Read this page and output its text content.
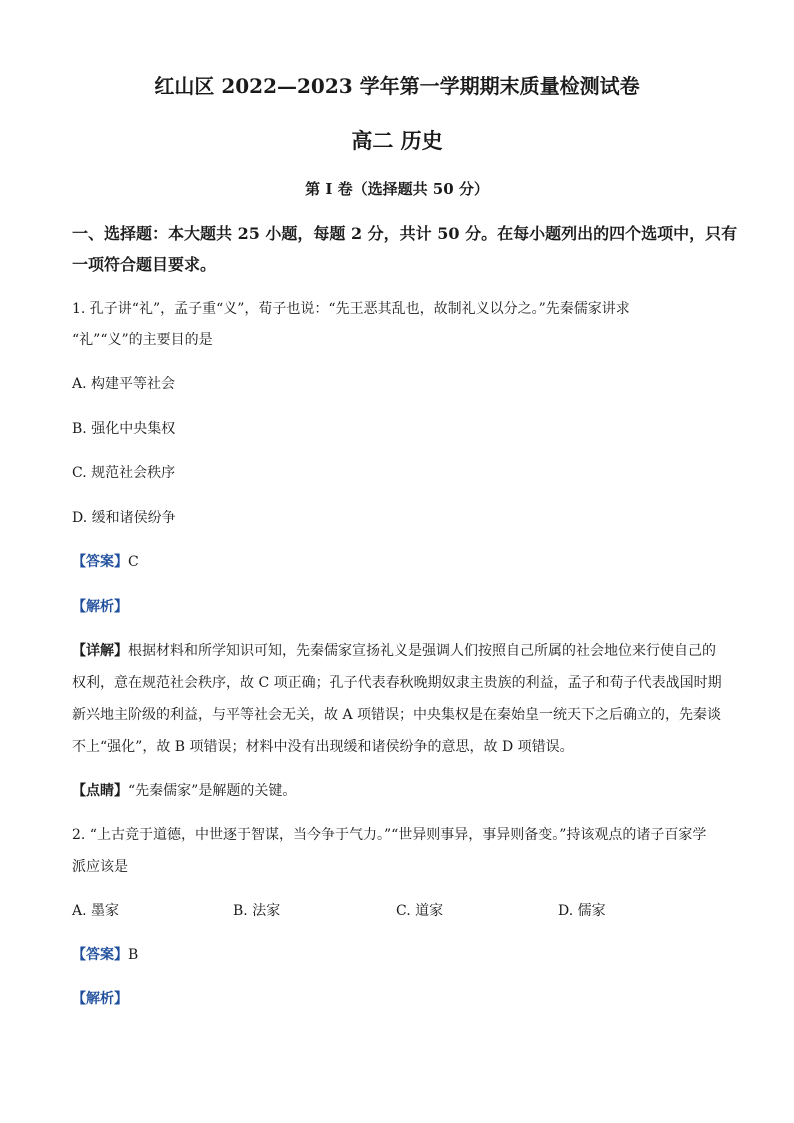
红山区 2022—2023 学年第一学期期末质量检测试卷
高二 历史
第 I 卷（选择题共 50 分）
一、选择题：本大题共 25 小题，每题 2 分，共计 50 分。在每小题列出的四个选项中，只有
一项符合题目要求。
1. 孔子讲“礼”，孟子重“义”，荀子也说：“先王恶其乱也，故制礼义以分之。”先秦儒家讲求
“礼”“义”的主要目的是
A. 构建平等社会
B. 强化中央集权
C. 规范社会秩序
D. 缓和诸侯纷争
【答案】C
【解析】
【详解】根据材料和所学知识可知，先秦儒家宣扬礼义是强调人们按照自己所属的社会地位来行使自己的
权利，意在规范社会秩序，故 C 项正确；孔子代表春秋晚期奴隶主贵族的利益，孟子和荀子代表战国时期
新兴地主阶级的利益，与平等社会无关，故 A 项错误；中央集权是在秦始皇一统天下之后确立的，先秦谈
不上“强化”，故 B 项错误；材料中没有出现缓和诸侯纷争的意思，故 D 项错误。
【点睛】“先秦儒家”是解题的关键。
2. “上古竞于道德，中世逐于智谋，当今争于气力。”“世异则事异，事异则备变。”持该观点的诸子百家学
派应该是
A. 墨家	B. 法家	C. 道家	D. 儒家
【答案】B
【解析】
